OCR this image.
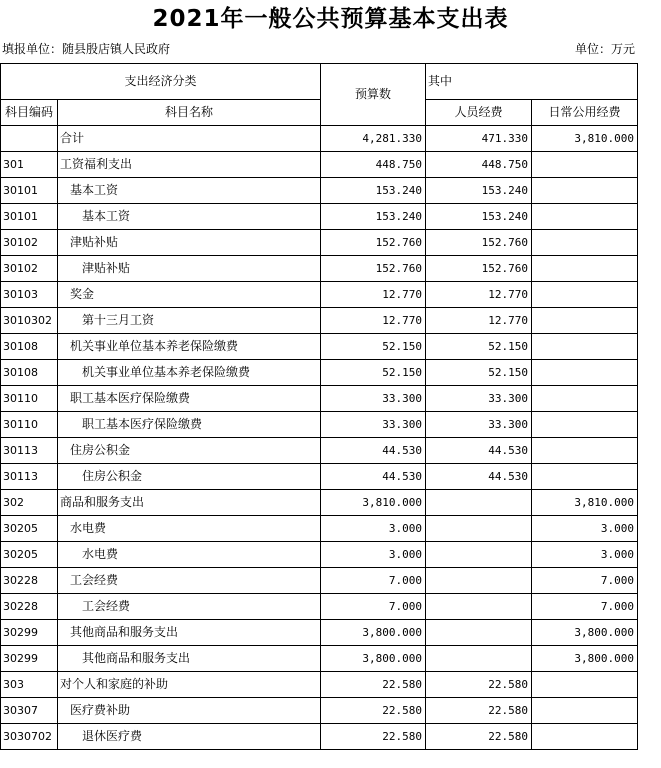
2021年一般公共预算基本支出表
填报单位：随县殷店镇人民政府	单位：万元
支出经济分类		预算数	其中	
科目编码	科目名称		人员经费	日常公用经费
	合计	4,281.330	471.330	3,810.000
301	工资福利支出	448.750	448.750	
30101	基本工资	153.240	153.240	
30101	基本工资	153.240	153.240	
30102	津贴补贴	152.760	152.760	
30102	津贴补贴	152.760	152.760	
30103	奖金	12.770	12.770	
3010302	第十三月工资	12.770	12.770	
30108	机关事业单位基本养老保险缴费	52.150	52.150	
30108	机关事业单位基本养老保险缴费	52.150	52.150	
30110	职工基本医疗保险缴费	33.300	33.300	
30110	职工基本医疗保险缴费	33.300	33.300	
30113	住房公积金	44.530	44.530	
30113	住房公积金	44.530	44.530	
302	商品和服务支出	3,810.000		3,810.000
30205	水电费	3.000		3.000
30205	水电费	3.000		3.000
30228	工会经费	7.000		7.000
30228	工会经费	7.000		7.000
30299	其他商品和服务支出	3,800.000		3,800.000
30299	其他商品和服务支出	3,800.000		3,800.000
303	对个人和家庭的补助	22.580	22.580	
30307	医疗费补助	22.580	22.580	
3030702	退休医疗费	22.580	22.580	
